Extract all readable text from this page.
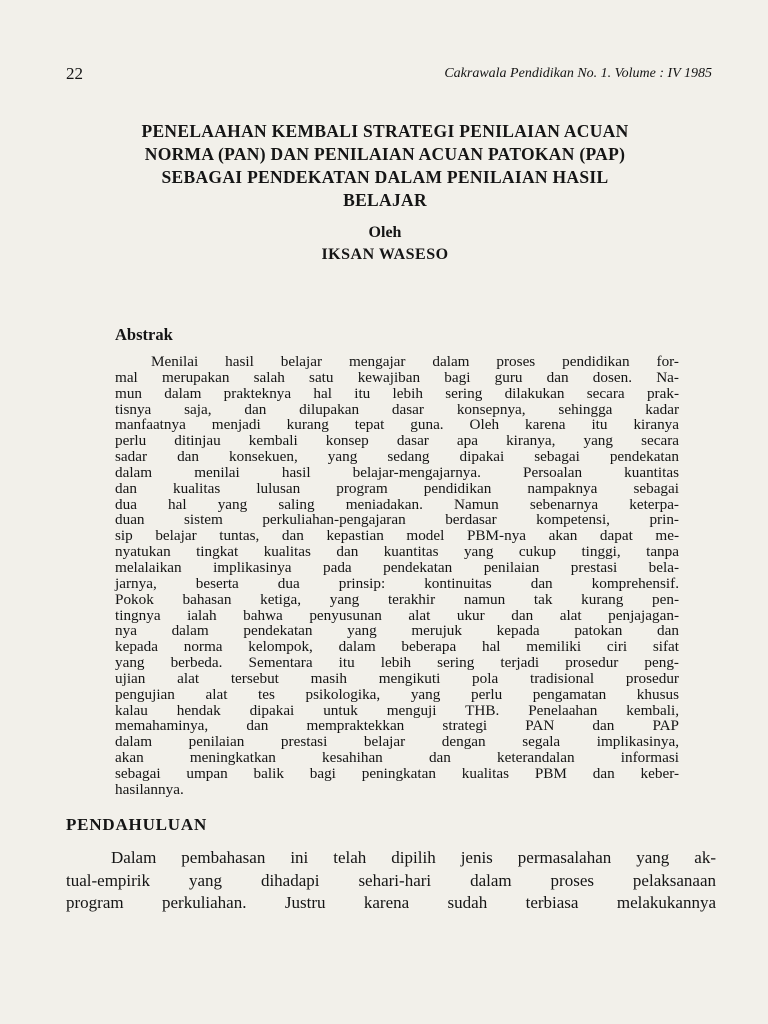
22	Cakrawala Pendidikan No. 1. Volume : IV 1985
PENELAAHAN KEMBALI STRATEGI PENILAIAN ACUAN
NORMA (PAN) DAN PENILAIAN ACUAN PATOKAN (PAP)
SEBAGAI PENDEKATAN DALAM PENILAIAN HASIL
BELAJAR
Oleh
IKSAN WASESO
Abstrak
Menilai hasil belajar mengajar dalam proses pendidikan for-
mal merupakan salah satu kewajiban bagi guru dan dosen. Na-
mun dalam prakteknya hal itu lebih sering dilakukan secara prak-
tisnya saja, dan dilupakan dasar konsepnya, sehingga kadar
manfaatnya menjadi kurang tepat guna. Oleh karena itu kiranya
perlu ditinjau kembali konsep dasar apa kiranya, yang secara
sadar dan konsekuen, yang sedang dipakai sebagai pendekatan
dalam menilai hasil belajar-mengajarnya. Persoalan kuantitas
dan kualitas lulusan program pendidikan nampaknya sebagai
dua hal yang saling meniadakan. Namun sebenarnya keterpa-
duan sistem perkuliahan-pengajaran berdasar kompetensi, prin-
sip belajar tuntas, dan kepastian model PBM-nya akan dapat me-
nyatukan tingkat kualitas dan kuantitas yang cukup tinggi, tanpa
melalaikan implikasinya pada pendekatan penilaian prestasi bela-
jarnya, beserta dua prinsip: kontinuitas dan komprehensif.
Pokok bahasan ketiga, yang terakhir namun tak kurang pen-
tingnya ialah bahwa penyusunan alat ukur dan alat penjajagan-
nya dalam pendekatan yang merujuk kepada patokan dan
kepada norma kelompok, dalam beberapa hal memiliki ciri sifat
yang berbeda. Sementara itu lebih sering terjadi prosedur peng-
ujian alat tersebut masih mengikuti pola tradisional prosedur
pengujian alat tes psikologika, yang perlu pengamatan khusus
kalau hendak dipakai untuk menguji THB. Penelaahan kembali,
memahaminya, dan mempraktekkan strategi PAN dan PAP
dalam penilaian prestasi belajar dengan segala implikasinya,
akan meningkatkan kesahihan dan keterandalan informasi
sebagai umpan balik bagi peningkatan kualitas PBM dan keber-
hasilannya.
PENDAHULUAN
Dalam pembahasan ini telah dipilih jenis permasalahan yang ak-
tual-empirik yang dihadapi sehari-hari dalam proses pelaksanaan
program perkuliahan. Justru karena sudah terbiasa melakukannya
